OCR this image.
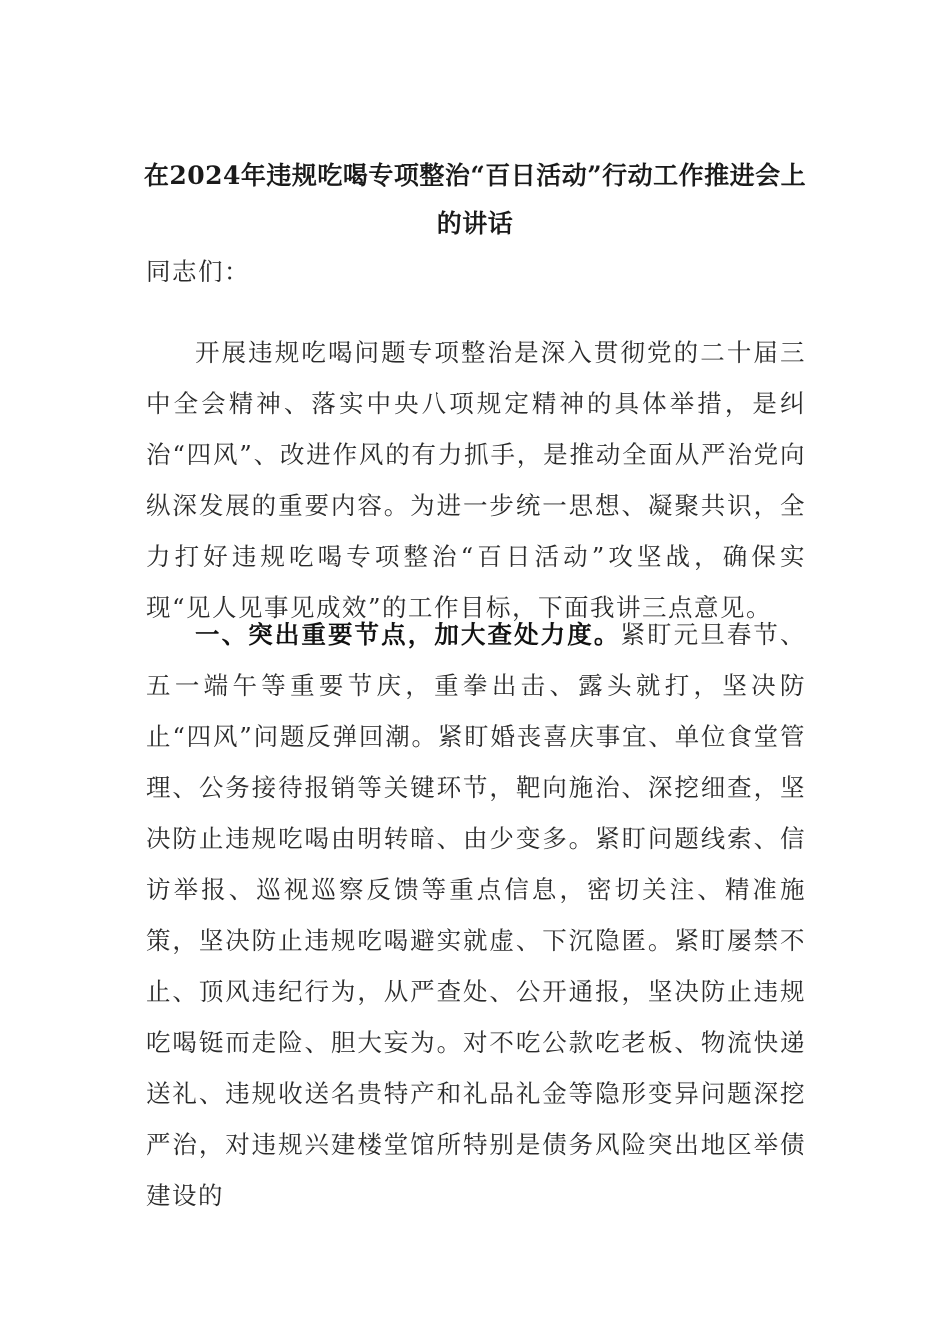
在2024年违规吃喝专项整治“百日活动”行动工作推进会上的讲话
同志们：
开展违规吃喝问题专项整治是深入贯彻党的二十届三中全会精神、落实中央八项规定精神的具体举措，是纠治“四风”、改进作风的有力抓手，是推动全面从严治党向纵深发展的重要内容。为进一步统一思想、凝聚共识，全力打好违规吃喝专项整治“百日活动”攻坚战，确保实现“见人见事见成效”的工作目标，下面我讲三点意见。
一、突出重要节点，加大查处力度。紧盯元旦春节、五一端午等重要节庆，重拳出击、露头就打，坚决防止“四风”问题反弹回潮。紧盯婚丧喜庆事宜、单位食堂管理、公务接待报销等关键环节，靶向施治、深挖细查，坚决防止违规吃喝由明转暗、由少变多。紧盯问题线索、信访举报、巡视巡察反馈等重点信息，密切关注、精准施策，坚决防止违规吃喝避实就虚、下沉隐匿。紧盯屡禁不止、顶风违纪行为，从严查处、公开通报，坚决防止违规吃喝铤而走险、胆大妄为。对不吃公款吃老板、物流快递送礼、违规收送名贵特产和礼品礼金等隐形变异问题深挖严治，对违规兴建楼堂馆所特别是债务风险突出地区举债建设的
